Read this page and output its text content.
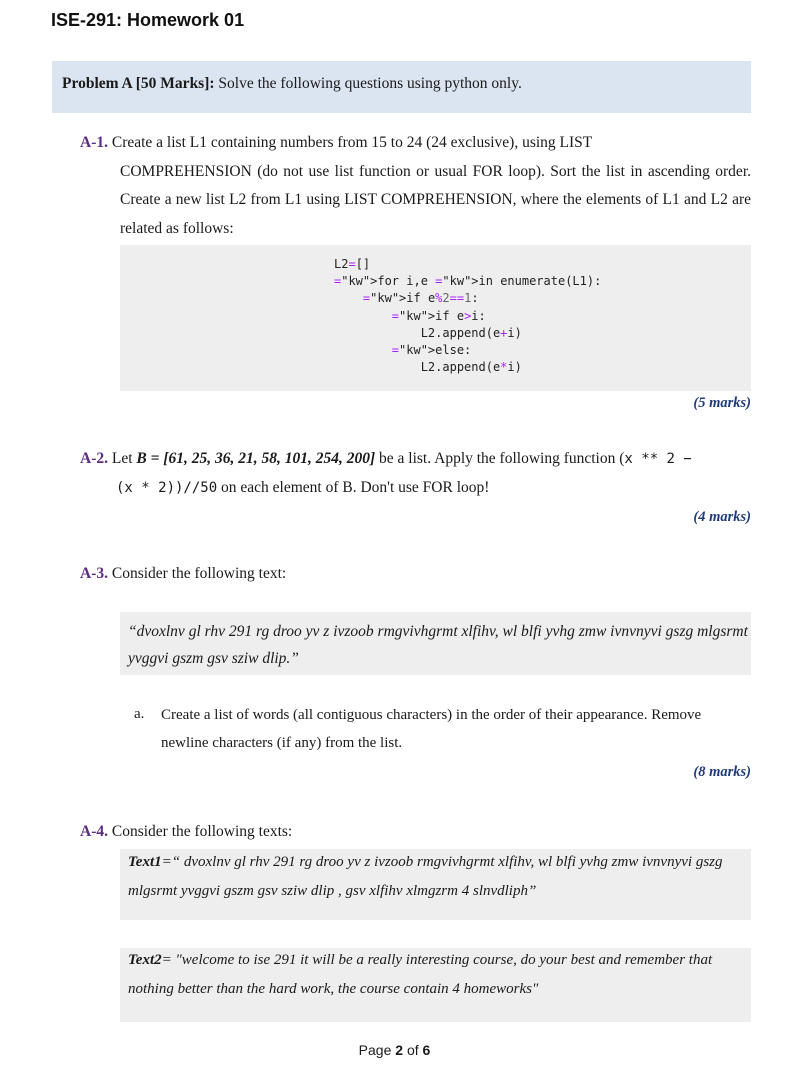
ISE-291: Homework 01
Problem A [50 Marks]: Solve the following questions using python only.
A-1. Create a list L1 containing numbers from 15 to 24 (24 exclusive), using LIST
COMPREHENSION (do not use list function or usual FOR loop). Sort the list in ascending order. Create a new list L2 from L1 using LIST COMPREHENSION, where the elements of L1 and L2 are related as follows:
L2=[]
="kw">for i,e ="kw">in enumerate(L1):
="kw">if e%2==1:
="kw">if e>i:
L2.append(e+i)
="kw">else:
L2.append(e*i)
(5 marks)
A-2. Let B = [61, 25, 36, 21, 58, 101, 254, 200] be a list. Apply the following function (x ** 2 −
(x * 2))//50 on each element of B. Don't use FOR loop!
(4 marks)
A-3. Consider the following text:
“dvoxlnv gl rhv 291 rg droo yv z ivzoob rmgvivhgrmt xlfihv, wl blfi yvhg zmw ivnvnyvi gszg mlgsrmt yvggvi gszm gsv sziw dlip.”
a. Create a list of words (all contiguous characters) in the order of their appearance. Remove newline characters (if any) from the list.
(8 marks)
A-4. Consider the following texts:
Text1=“ dvoxlnv gl rhv 291 rg droo yv z ivzoob rmgvivhgrmt xlfihv, wl blfi yvhg zmw ivnvnyvi gszg mlgsrmt yvggvi gszm gsv sziw dlip , gsv xlfihv xlmgzrm 4 slnvdliph”
Text2= "welcome to ise 291 it will be a really interesting course, do your best and remember that nothing better than the hard work, the course contain 4 homeworks"
Page 2 of 6
